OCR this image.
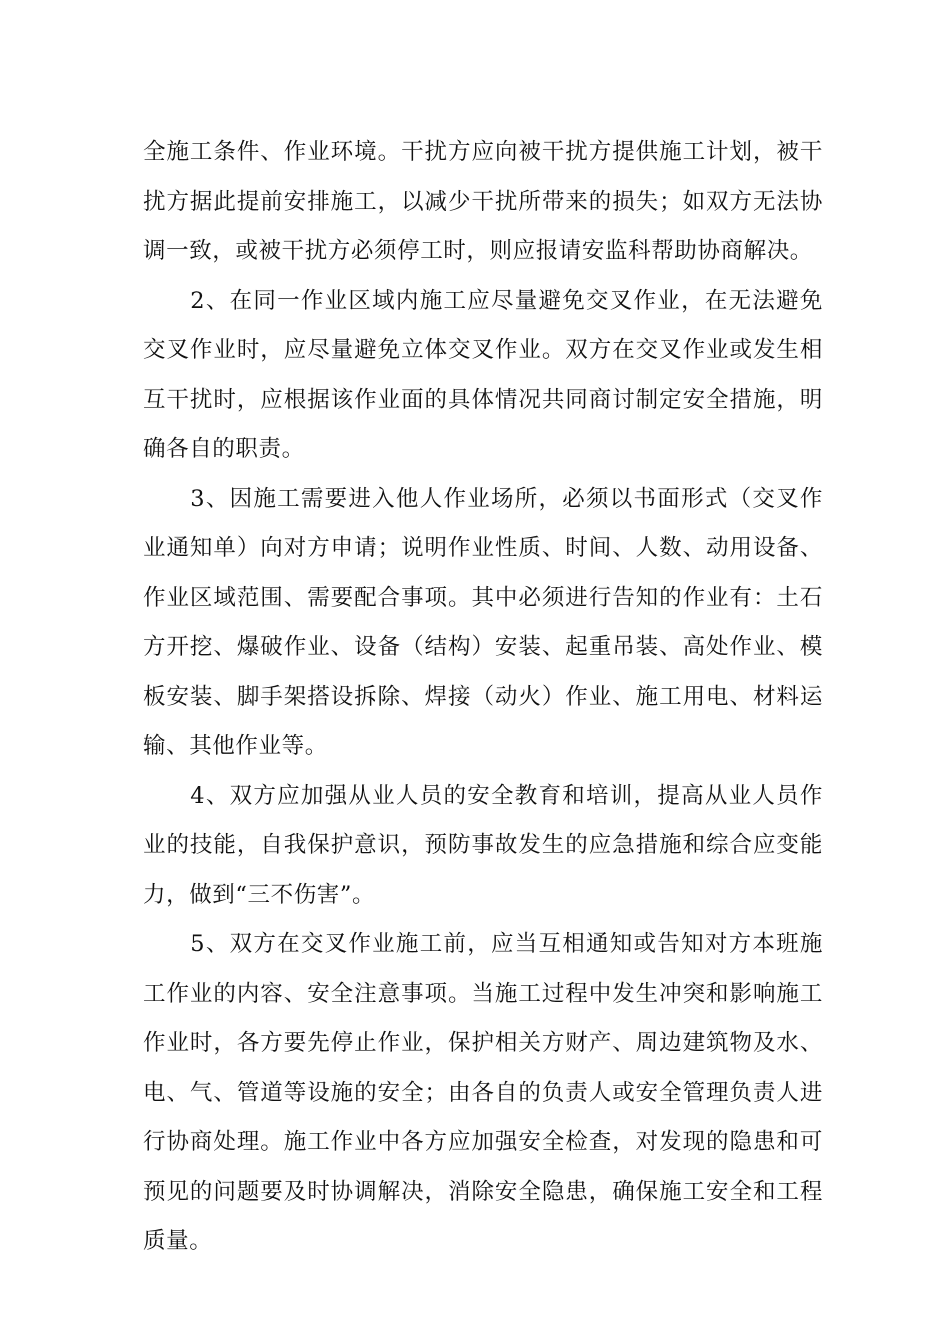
全施工条件、作业环境。干扰方应向被干扰方提供施工计划，被干扰方据此提前安排施工，以减少干扰所带来的损失；如双方无法协调一致，或被干扰方必须停工时，则应报请安监科帮助协商解决。

2、在同一作业区域内施工应尽量避免交叉作业，在无法避免交叉作业时，应尽量避免立体交叉作业。双方在交叉作业或发生相互干扰时，应根据该作业面的具体情况共同商讨制定安全措施，明确各自的职责。

3、因施工需要进入他人作业场所，必须以书面形式（交叉作业通知单）向对方申请；说明作业性质、时间、人数、动用设备、作业区域范围、需要配合事项。其中必须进行告知的作业有：土石方开挖、爆破作业、设备（结构）安装、起重吊装、高处作业、模板安装、脚手架搭设拆除、焊接（动火）作业、施工用电、材料运输、其他作业等。

4、双方应加强从业人员的安全教育和培训，提高从业人员作业的技能，自我保护意识，预防事故发生的应急措施和综合应变能力，做到“三不伤害”。

5、双方在交叉作业施工前，应当互相通知或告知对方本班施工作业的内容、安全注意事项。当施工过程中发生冲突和影响施工作业时，各方要先停止作业，保护相关方财产、周边建筑物及水、电、气、管道等设施的安全；由各自的负责人或安全管理负责人进行协商处理。施工作业中各方应加强安全检查，对发现的隐患和可预见的问题要及时协调解决，消除安全隐患，确保施工安全和工程质量。
